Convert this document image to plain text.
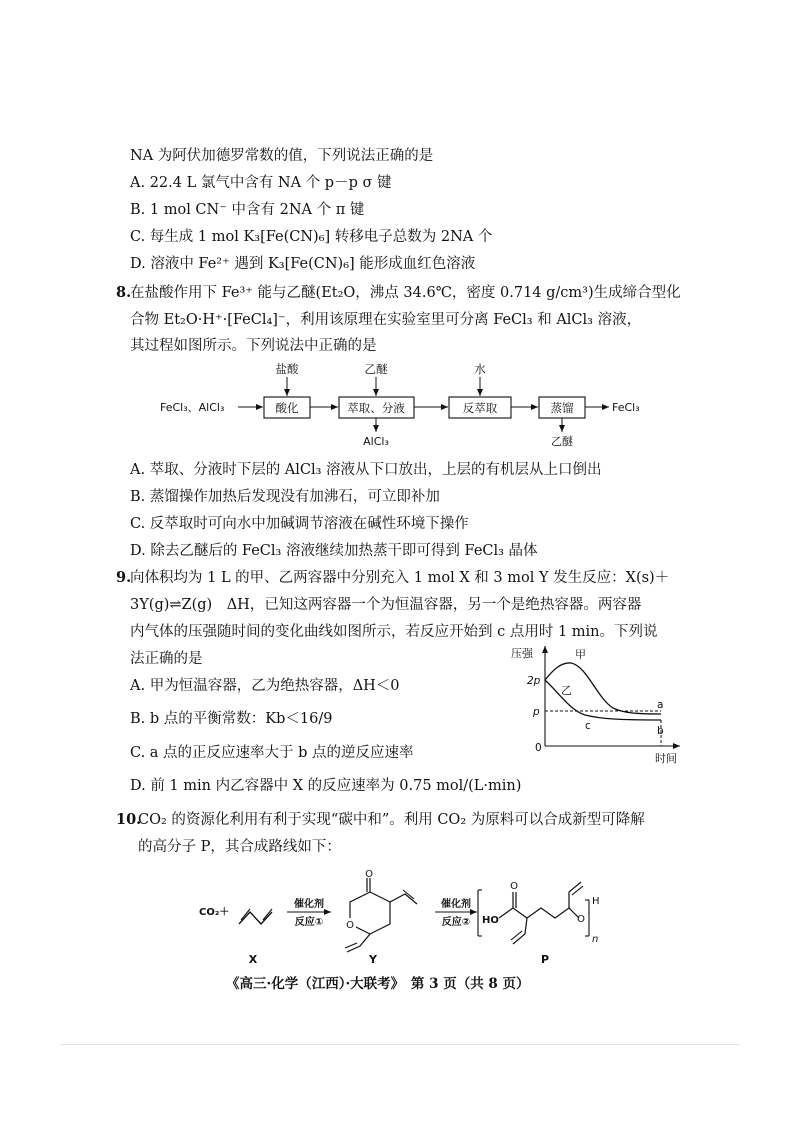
NA 为阿伏加德罗常数的值，下列说法正确的是
A. 22.4 L 氯气中含有 NA 个 p－p σ 键
B. 1 mol CN⁻ 中含有 2NA 个 π 键
C. 每生成 1 mol K₃[Fe(CN)₆] 转移电子总数为 2NA 个
D. 溶液中 Fe²⁺ 遇到 K₃[Fe(CN)₆] 能形成血红色溶液
8.
在盐酸作用下 Fe³⁺ 能与乙醚(Et₂O，沸点 34.6℃，密度 0.714 g/cm³)生成缔合型化
合物 Et₂O·H⁺·[FeCl₄]⁻，利用该原理在实验室里可分离 FeCl₃ 和 AlCl₃ 溶液，
其过程如图所示。下列说法中正确的是
FeCl₃、AlCl₃	酸化	萃取、分液	反萃取	蒸馏	FeCl₃
盐酸	乙醚	水
AlCl₃	乙醚
A. 萃取、分液时下层的 AlCl₃ 溶液从下口放出，上层的有机层从上口倒出
B. 蒸馏操作加热后发现没有加沸石，可立即补加
C. 反萃取时可向水中加碱调节溶液在碱性环境下操作
D. 除去乙醚后的 FeCl₃ 溶液继续加热蒸干即可得到 FeCl₃ 晶体
9.
向体积均为 1 L 的甲、乙两容器中分别充入 1 mol X 和 3 mol Y 发生反应：X(s)＋
3Y(g)⇌Z(g)　ΔH，已知这两容器一个为恒温容器，另一个是绝热容器。两容器
内气体的压强随时间的变化曲线如图所示，若反应开始到 c 点用时 1 min。下列说
法正确的是
A. 甲为恒温容器，乙为绝热容器，ΔH＜0
B. b 点的平衡常数：Kb＜16/9
C. a 点的正反应速率大于 b 点的逆反应速率
D. 前 1 min 内乙容器中 X 的反应速率为 0.75 mol/(L·min)
压强
时间
0
2p
p
甲
乙
c
a
b
10.
CO₂ 的资源化利用有利于实现“碳中和”。利用 CO₂ 为原料可以合成新型可降解
的高分子 P，其合成路线如下：
CO₂＋
X
催化剂
反应① O
O
Y
催化剂
反应② HO
O
O
H
n
P
《高三·化学（江西）·大联考》　第 3 页（共 8 页）
